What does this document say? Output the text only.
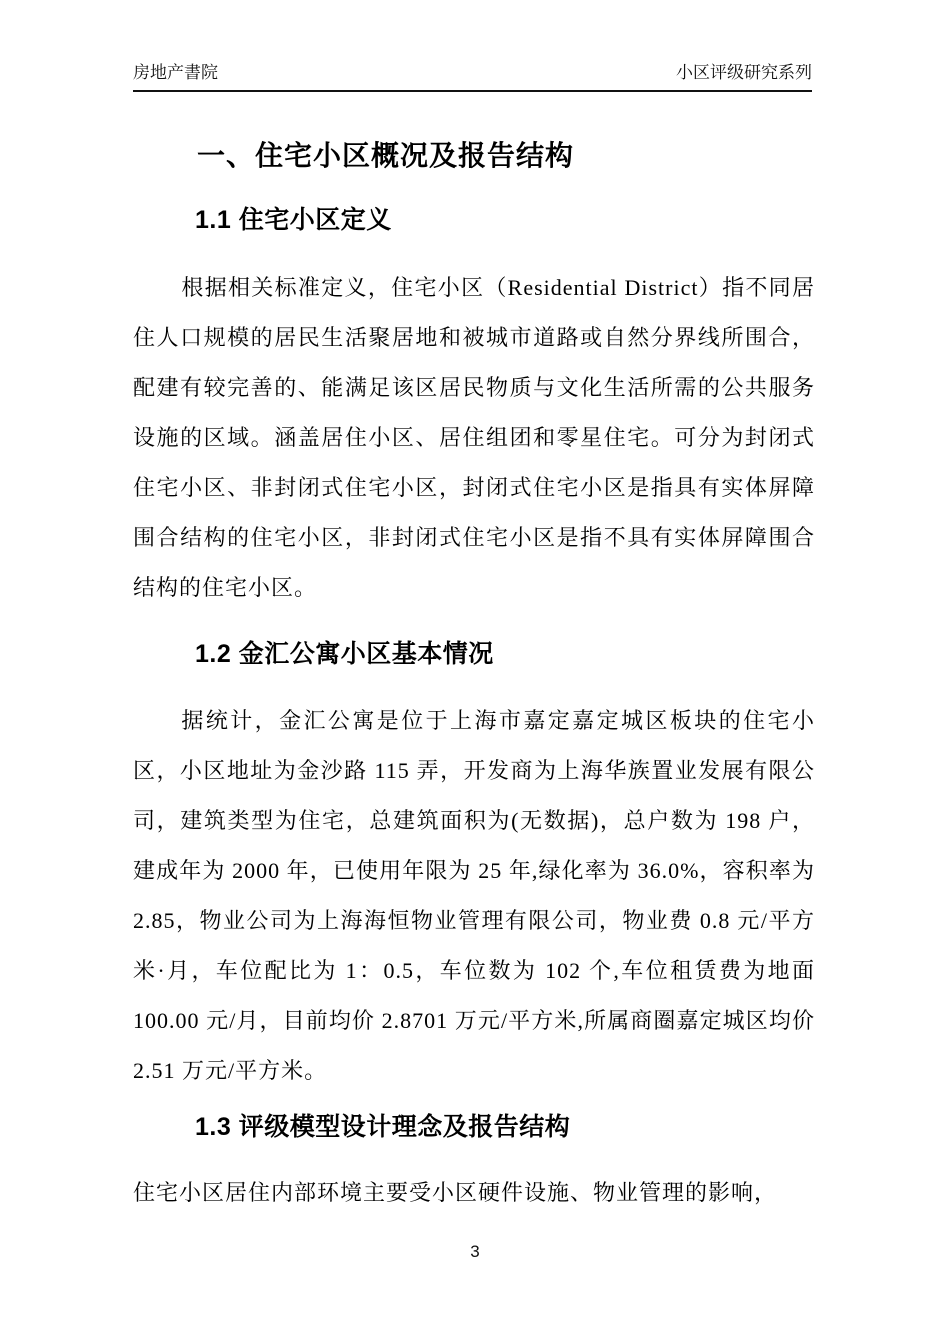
房地产書院	小区评级研究系列
一、住宅小区概况及报告结构
1.1 住宅小区定义

根据相关标准定义，住宅小区（Residential District）指不同居住人口规模的居民生活聚居地和被城市道路或自然分界线所围合，配建有较完善的、能满足该区居民物质与文化生活所需的公共服务设施的区域。涵盖居住小区、居住组团和零星住宅。可分为封闭式住宅小区、非封闭式住宅小区，封闭式住宅小区是指具有实体屏障围合结构的住宅小区，非封闭式住宅小区是指不具有实体屏障围合结构的住宅小区。

1.2 金汇公寓小区基本情况

据统计，金汇公寓是位于上海市嘉定嘉定城区板块的住宅小区，小区地址为金沙路 115 弄，开发商为上海华族置业发展有限公司，建筑类型为住宅，总建筑面积为(无数据)，总户数为 198 户，建成年为 2000 年，已使用年限为 25 年,绿化率为 36.0%，容积率为 2.85，物业公司为上海海恒物业管理有限公司，物业费 0.8 元/平方米·月，车位配比为 1：0.5，车位数为 102 个,车位租赁费为地面 100.00 元/月，目前均价 2.8701 万元/平方米,所属商圈嘉定城区均价 2.51 万元/平方米。

1.3 评级模型设计理念及报告结构

住宅小区居住内部环境主要受小区硬件设施、物业管理的影响，

3
